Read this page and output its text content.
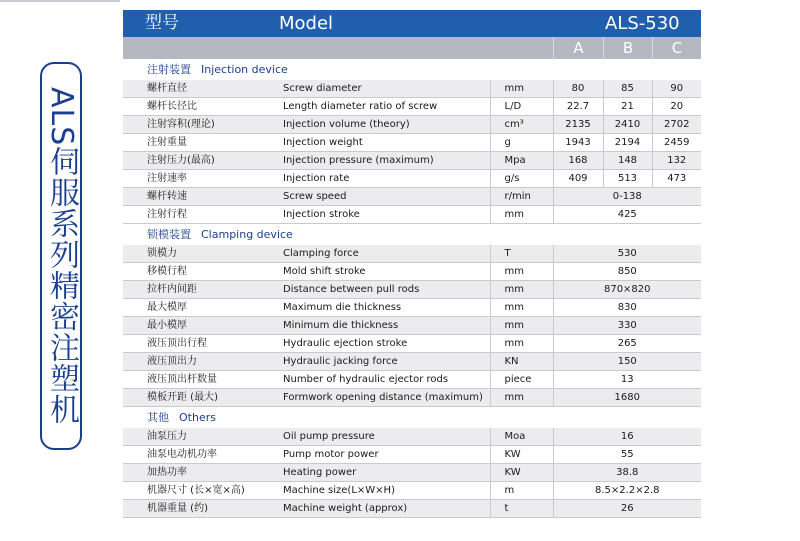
ALS伺服系列精密注塑机
型号	Model	ALS-530
A	B	C
注射装置 Injection device
螺杆直径	Screw diameter	mm	80	85	90
螺杆长径比	Length diameter ratio of screw	L/D	22.7	21	20
注射容积(理论)	Injection volume (theory)	cm³	2135	2410	2702
注射重量	Injection weight	g	1943	2194	2459
注射压力(最高)	Injection pressure (maximum)	Mpa	168	148	132
注射速率	Injection rate	g/s	409	513	473
螺杆转速	Screw speed	r/min	0-138		
注射行程	Injection stroke	mm	425		
锁模装置 Clamping device
锁模力	Clamping force	T	530
移模行程	Mold shift stroke	mm	850
拉杆内间距	Distance between pull rods	mm	870×820
最大模厚	Maximum die thickness	mm	830
最小模厚	Minimum die thickness	mm	330
液压顶出行程	Hydraulic ejection stroke	mm	265
液压顶出力	Hydraulic jacking force	KN	150
液压顶出杆数量	Number of hydraulic ejector rods	piece	13
模板开距 (最大)	Formwork opening distance (maximum)	mm	1680
其他 Others
油泵压力	Oil pump pressure	Moa	16
油泵电动机功率	Pump motor power	KW	55
加热功率	Heating power	KW	38.8
机器尺寸 (长×宽×高)	Machine size(L×W×H)	m	8.5×2.2×2.8
机器重量 (约)	Machine weight (approx)	t	26
